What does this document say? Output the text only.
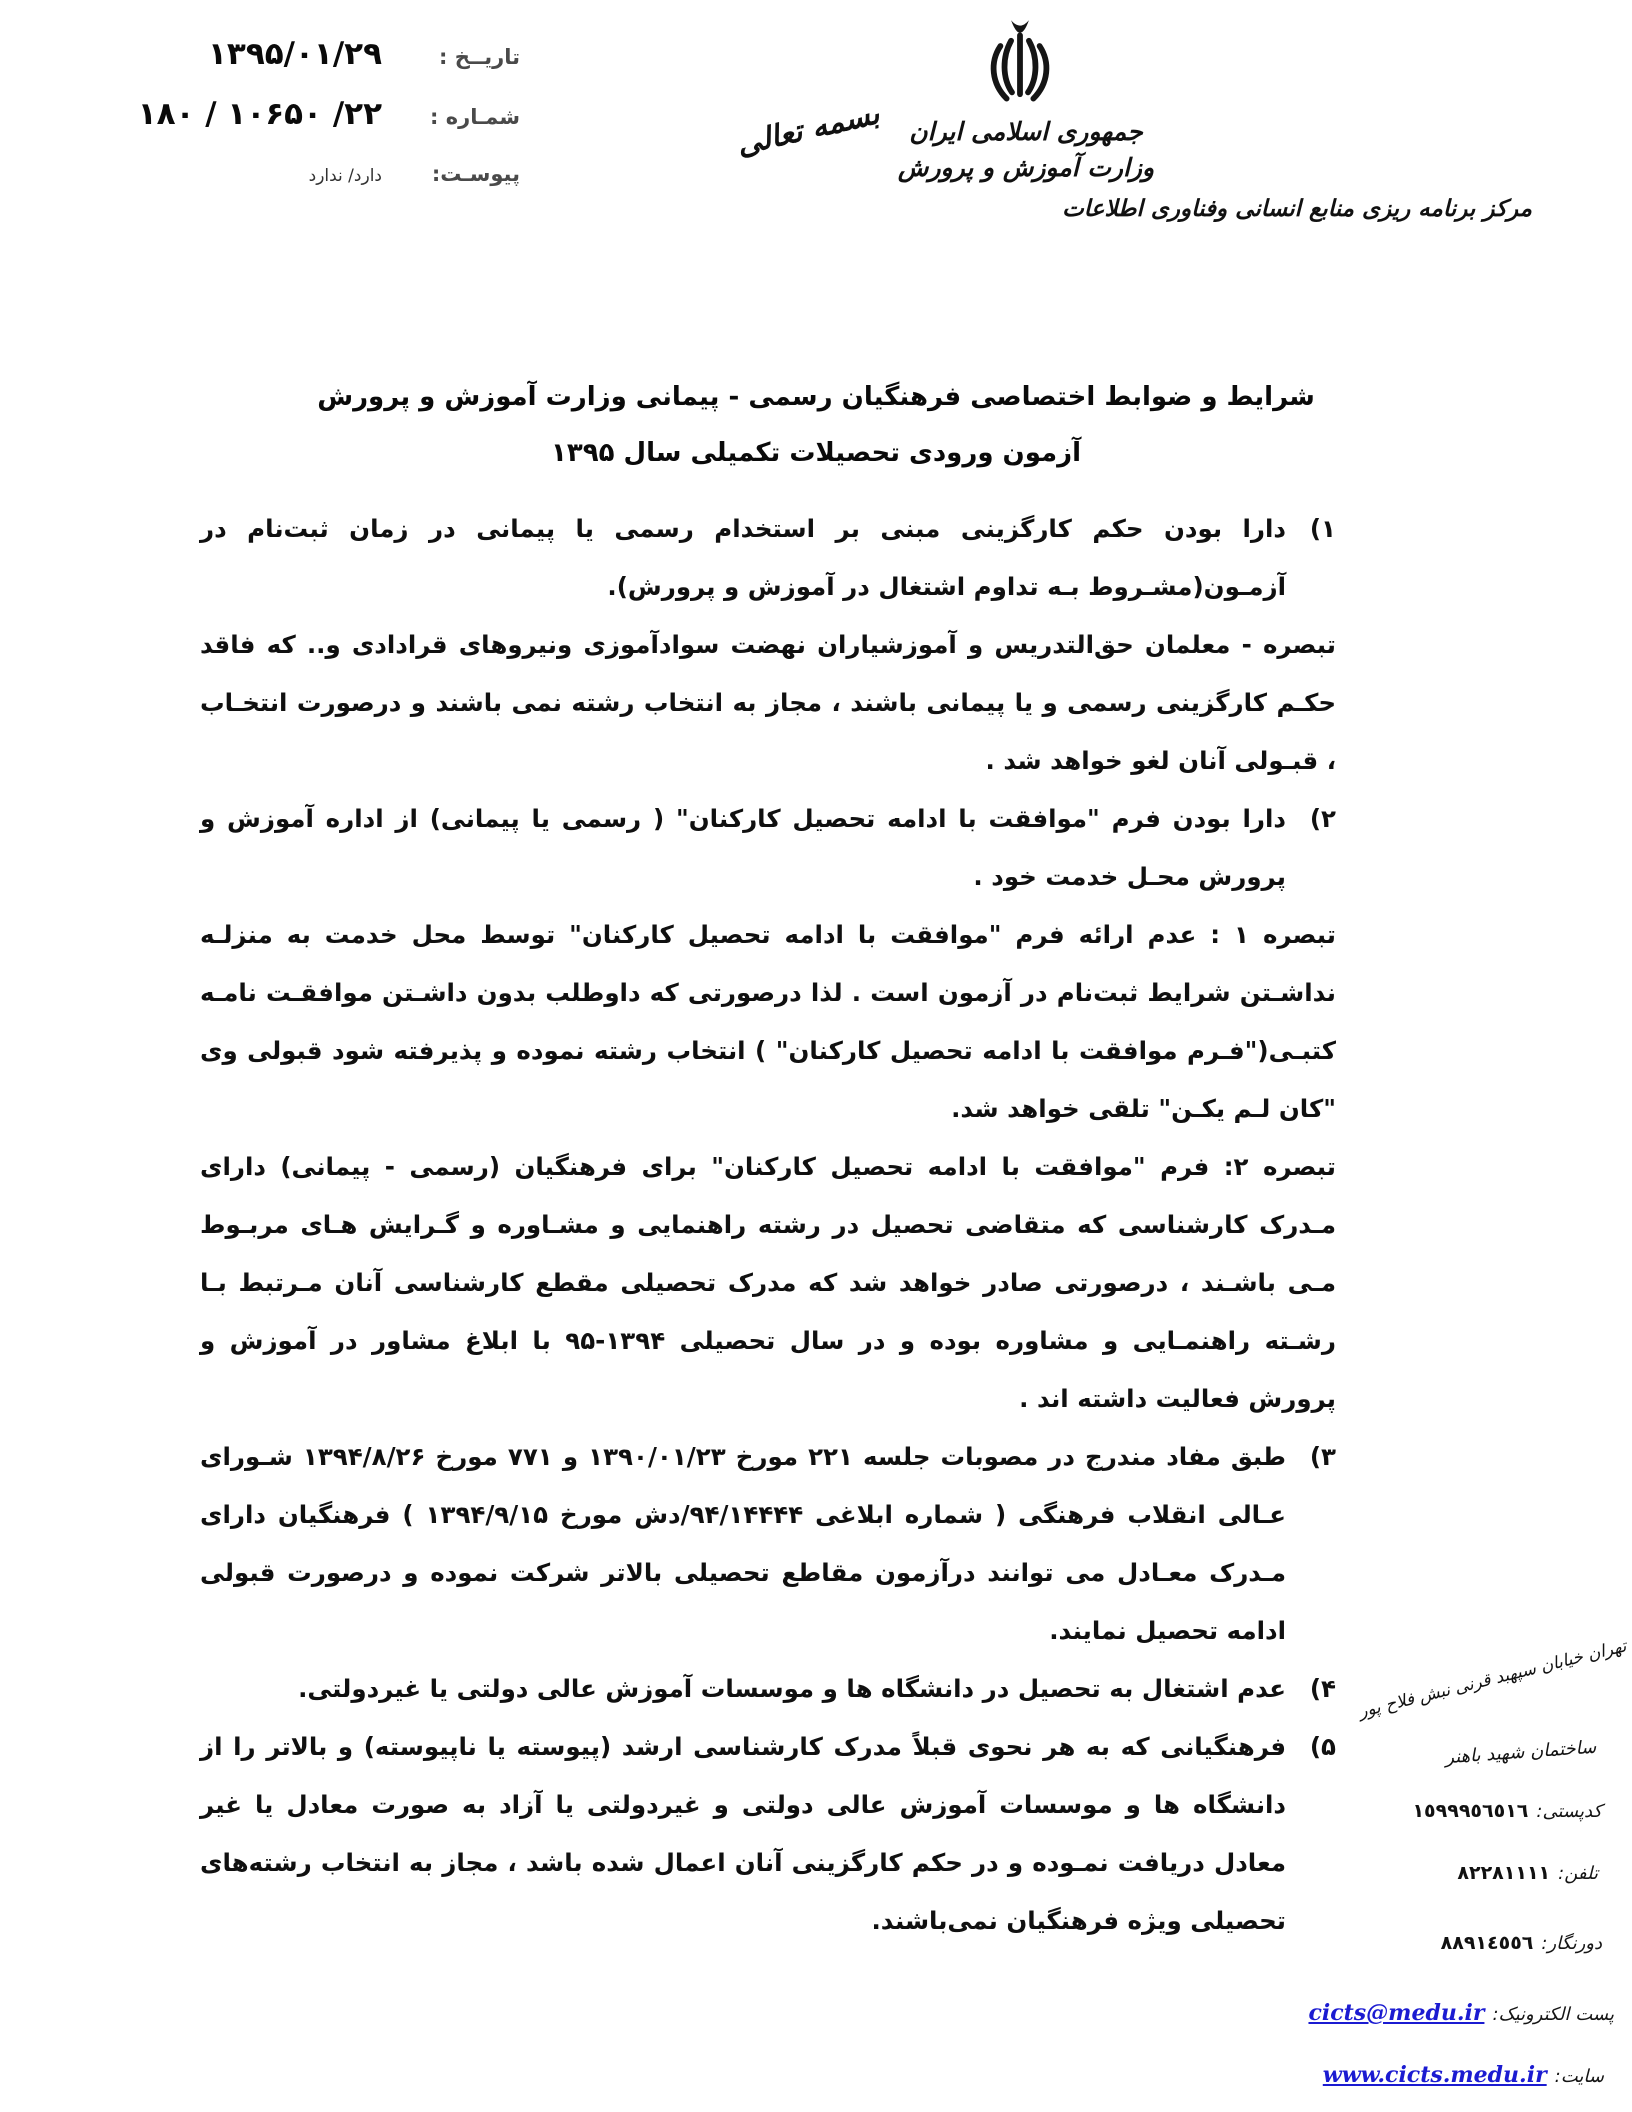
تاریــخ :۱۳۹۵/۰۱/۲۹
شمـاره :۲۲/ ۱۰۶۵۰ / ۱۸۰
پیوسـت:دارد/ ندارد
بسمه تعالی	جمهوری اسلامی ایران
وزارت آموزش و پرورش
مرکز برنامه ریزی منابع انسانی وفناوری اطلاعات
شرایط و ضوابط اختصاصی فرهنگیان رسمی - پیمانی وزارت آموزش و پرورش
آزمون ورودی تحصیلات تکمیلی سال ۱۳۹۵
۱)

دارا بودن حکم کارگزینی مبنی بر استخدام رسمی یا پیمانی در زمان ثبت‌نام در آزمـون(مشـروط بـه تداوم اشتغال در آموزش و پرورش).

تبصره - معلمان حق‌التدریس و آموزشیاران نهضت سوادآموزی ونیروهای قرادادی و.. که فاقد حکـم کارگزینی رسمی و یا پیمانی باشند ، مجاز به انتخاب رشته نمی باشند و درصورت انتخـاب ، قبـولی آنان لغو خواهد شد .

۲)

دارا بودن فرم "موافقت با ادامه تحصیل کارکنان" ( رسمی یا پیمانی) از اداره آموزش و پرورش محـل خدمت خود .

تبصره ۱ : عدم ارائه فرم "موافقت با ادامه تحصیل کارکنان" توسط محل خدمت به منزلـه نداشـتن شرایط ثبت‌نام در آزمون است . لذا درصورتی که داوطلب بدون داشـتن موافقـت نامـه کتبـی("فـرم موافقت با ادامه تحصیل کارکنان" ) انتخاب رشته نموده و پذیرفته شود قبولی وی "کان لـم یکـن" تلقی خواهد شد.

تبصره ۲: فرم "موافقت با ادامه تحصیل کارکنان" برای فرهنگیان (رسمی - پیمانی) دارای مـدرک کارشناسی که متقاضی تحصیل در رشته راهنمایی و مشـاوره و گـرایش هـای مربـوط مـی باشـند ، درصورتی صادر خواهد شد که مدرک تحصیلی مقطع کارشناسی آنان مـرتبط بـا رشـته راهنمـایی و مشاوره بوده و در سال تحصیلی ۱۳۹۴-۹۵ با ابلاغ مشاور در آموزش و پرورش فعالیت داشته اند .

۳)

طبق مفاد مندرج در مصوبات جلسه ۲۲۱ مورخ ۱۳۹۰/۰۱/۲۳ و ۷۷۱ مورخ ۱۳۹۴/۸/۲۶ شـورای عـالی انقلاب فرهنگی ( شماره ابلاغی ۹۴/۱۴۴۴۴/دش مورخ ۱۳۹۴/۹/۱۵ ) فرهنگیان دارای مـدرک معـادل می توانند درآزمون مقاطع تحصیلی بالاتر شرکت نموده و درصورت قبولی ادامه تحصیل نمایند.

۴)

عدم اشتغال به تحصیل در دانشگاه ها و موسسات آموزش عالی دولتی یا غیردولتی.

۵)

فرهنگیانی که به هر نحوی قبلاً مدرک کارشناسی ارشد (پیوسته یا ناپیوسته) و بالاتر را از دانشگاه ها و موسسات آموزش عالی دولتی و غیردولتی یا آزاد به صورت معادل یا غیر معادل دریافت نمـوده و در حکم کارگزینی آنان اعمال شده باشد ، مجاز به انتخاب رشته‌های تحصیلی ویژه فرهنگیان نمی‌باشند.

تهران خیابان سپهبد قرنی نبش فلاح پور
ساختمان شهید باهنر
کدپستی:١٥٩٩٩٥٦٥١٦
تلفن:٨٢٢٨١١١١
دورنگار:٨٨٩١٤٥٥٦
پست الکترونیک:cicts@medu.ir
سایت:www.cicts.medu.ir
